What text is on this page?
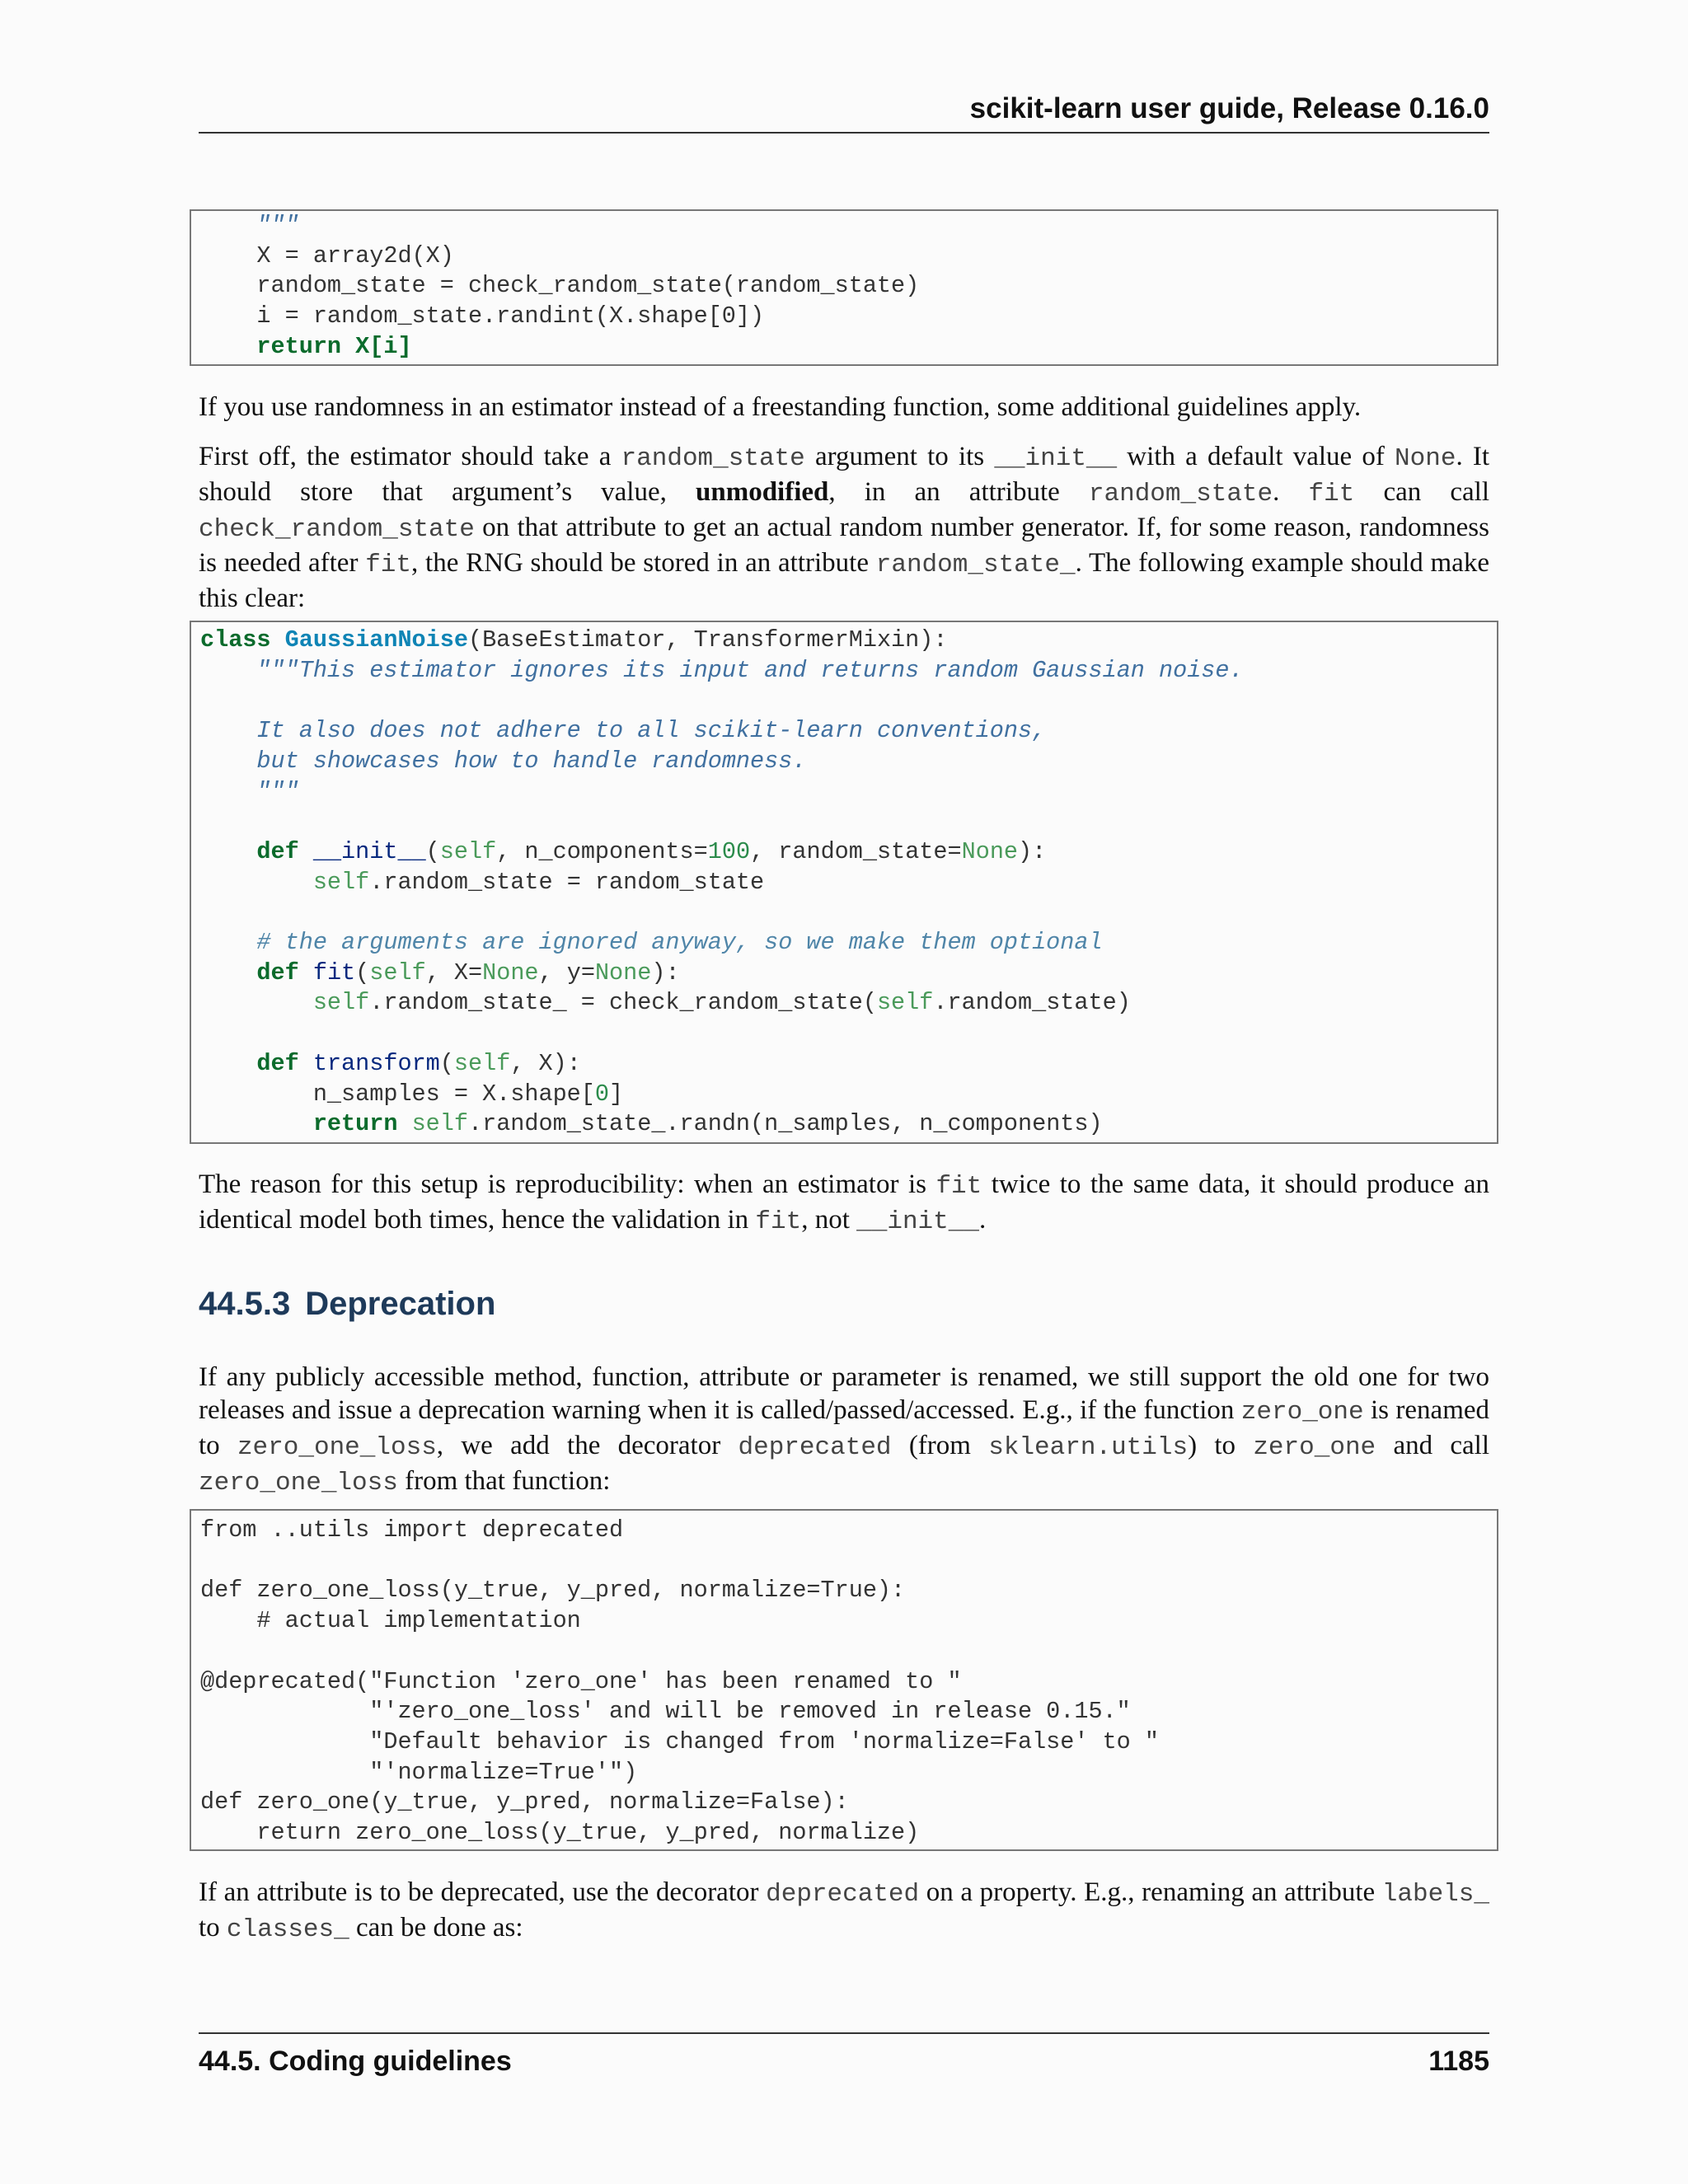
scikit-learn user guide, Release 0.16.0
"""
X = array2d(X)
random_state = check_random_state(random_state)
i = random_state.randint(X.shape[0])
return X[i]

If you use randomness in an estimator instead of a freestanding function, some additional guidelines apply.

First off, the estimator should take a random_state argument to its __init__ with a default value of None. It should store that argument’s value, unmodified, in an attribute random_state. fit can call check_random_state on that attribute to get an actual random number generator. If, for some reason, randomness is needed after fit, the RNG should be stored in an attribute random_state_. The following example should make this clear:

class GaussianNoise(BaseEstimator, TransformerMixin):
"""This estimator ignores its input and returns random Gaussian noise.

It also does not adhere to all scikit-learn conventions,
but showcases how to handle randomness.
"""

def __init__(self, n_components=100, random_state=None):
self.random_state = random_state

# the arguments are ignored anyway, so we make them optional
def fit(self, X=None, y=None):
self.random_state_ = check_random_state(self.random_state)

def transform(self, X):
n_samples = X.shape[0]
return self.random_state_.randn(n_samples, n_components)

The reason for this setup is reproducibility: when an estimator is fit twice to the same data, it should produce an identical model both times, hence the validation in fit, not __init__.

44.5.3 Deprecation

If any publicly accessible method, function, attribute or parameter is renamed, we still support the old one for two releases and issue a deprecation warning when it is called/passed/accessed. E.g., if the function zero_one is renamed to zero_one_loss, we add the decorator deprecated (from sklearn.utils) to zero_one and call zero_one_loss from that function:

from ..utils import deprecated

def zero_one_loss(y_true, y_pred, normalize=True):
# actual implementation

@deprecated("Function 'zero_one' has been renamed to "
"'zero_one_loss' and will be removed in release 0.15."
"Default behavior is changed from 'normalize=False' to "
"'normalize=True'")
def zero_one(y_true, y_pred, normalize=False):
return zero_one_loss(y_true, y_pred, normalize)

If an attribute is to be deprecated, use the decorator deprecated on a property. E.g., renaming an attribute labels_ to classes_ can be done as:

44.5. Coding guidelines	1185
